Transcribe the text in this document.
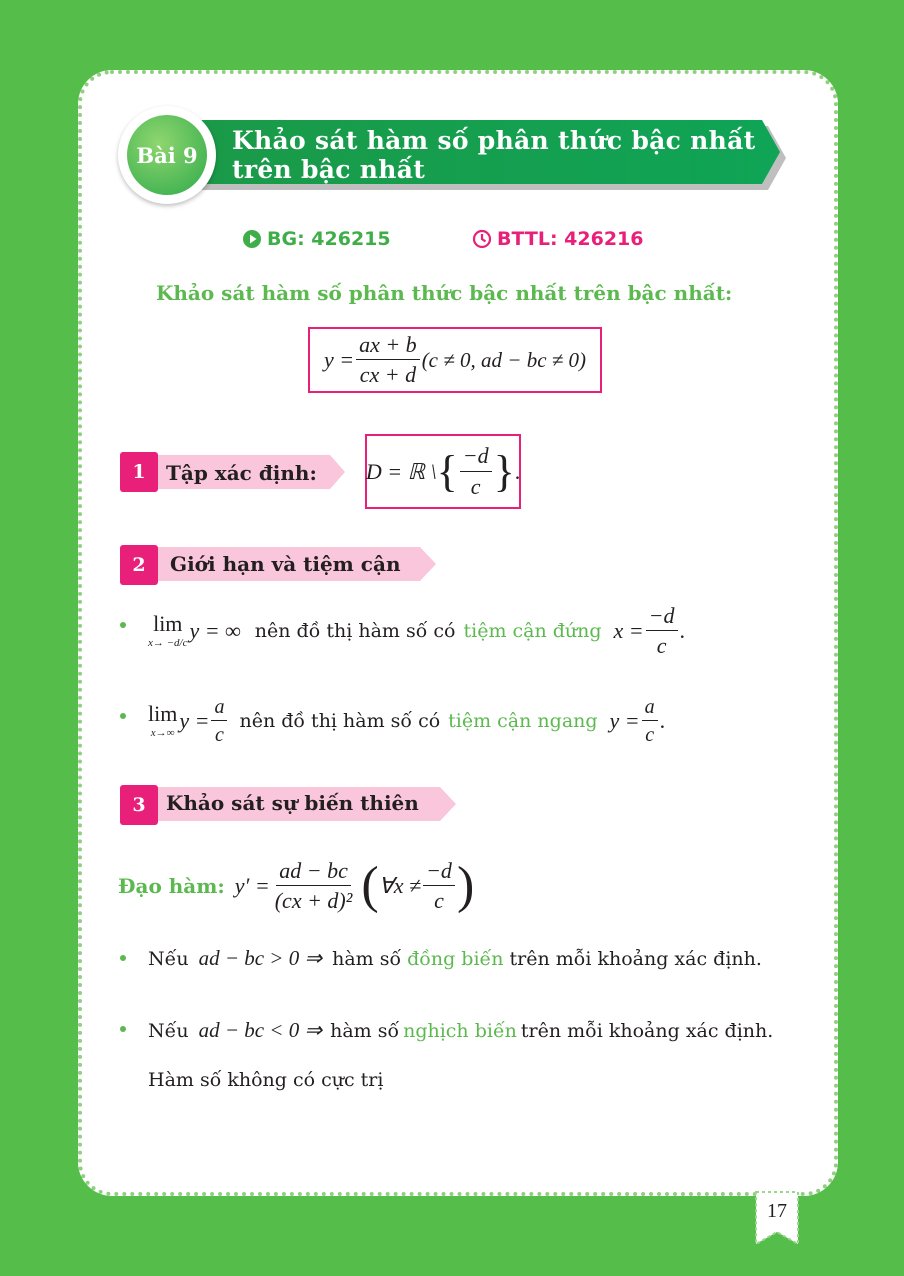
Bài 9	Khảo sát hàm số phân thức bậc nhất
trên bậc nhất
BG: 426215	BTTL: 426216
Khảo sát hàm số phân thức bậc nhất trên bậc nhất:
$y = \frac{ax + b}{cx + d} (c \ne 0$, ad − bc ≠ 0)
1	Tập xác định: D = ℝ \ { $\frac{-d}{c}$ } .
2	Giới hạn và tiệm cận
lim
x→ −d/c y = ∞ nên đồ thị hàm số có tiệm cận đứng $x = \frac{-d}{c}$ .
lim
x→∞ $y = \frac{a}{c}$ nên đồ thị hàm số có tiệm cận ngang $y = \frac{a}{c}$ .
3	Khảo sát sự biến thiên
Đạo hàm: $y' = \frac{ad - bc}{\text{(cx + d)²}}$ ( ∀x ≠ $\frac{-d}{c}$ )
Nếu ad − bc > 0 ⇒ hàm số đồng biến trên mỗi khoảng xác định.
Nếu ad − bc < 0 ⇒ hàm số nghịch biến trên mỗi khoảng xác định.
Hàm số không có cực trị
17
